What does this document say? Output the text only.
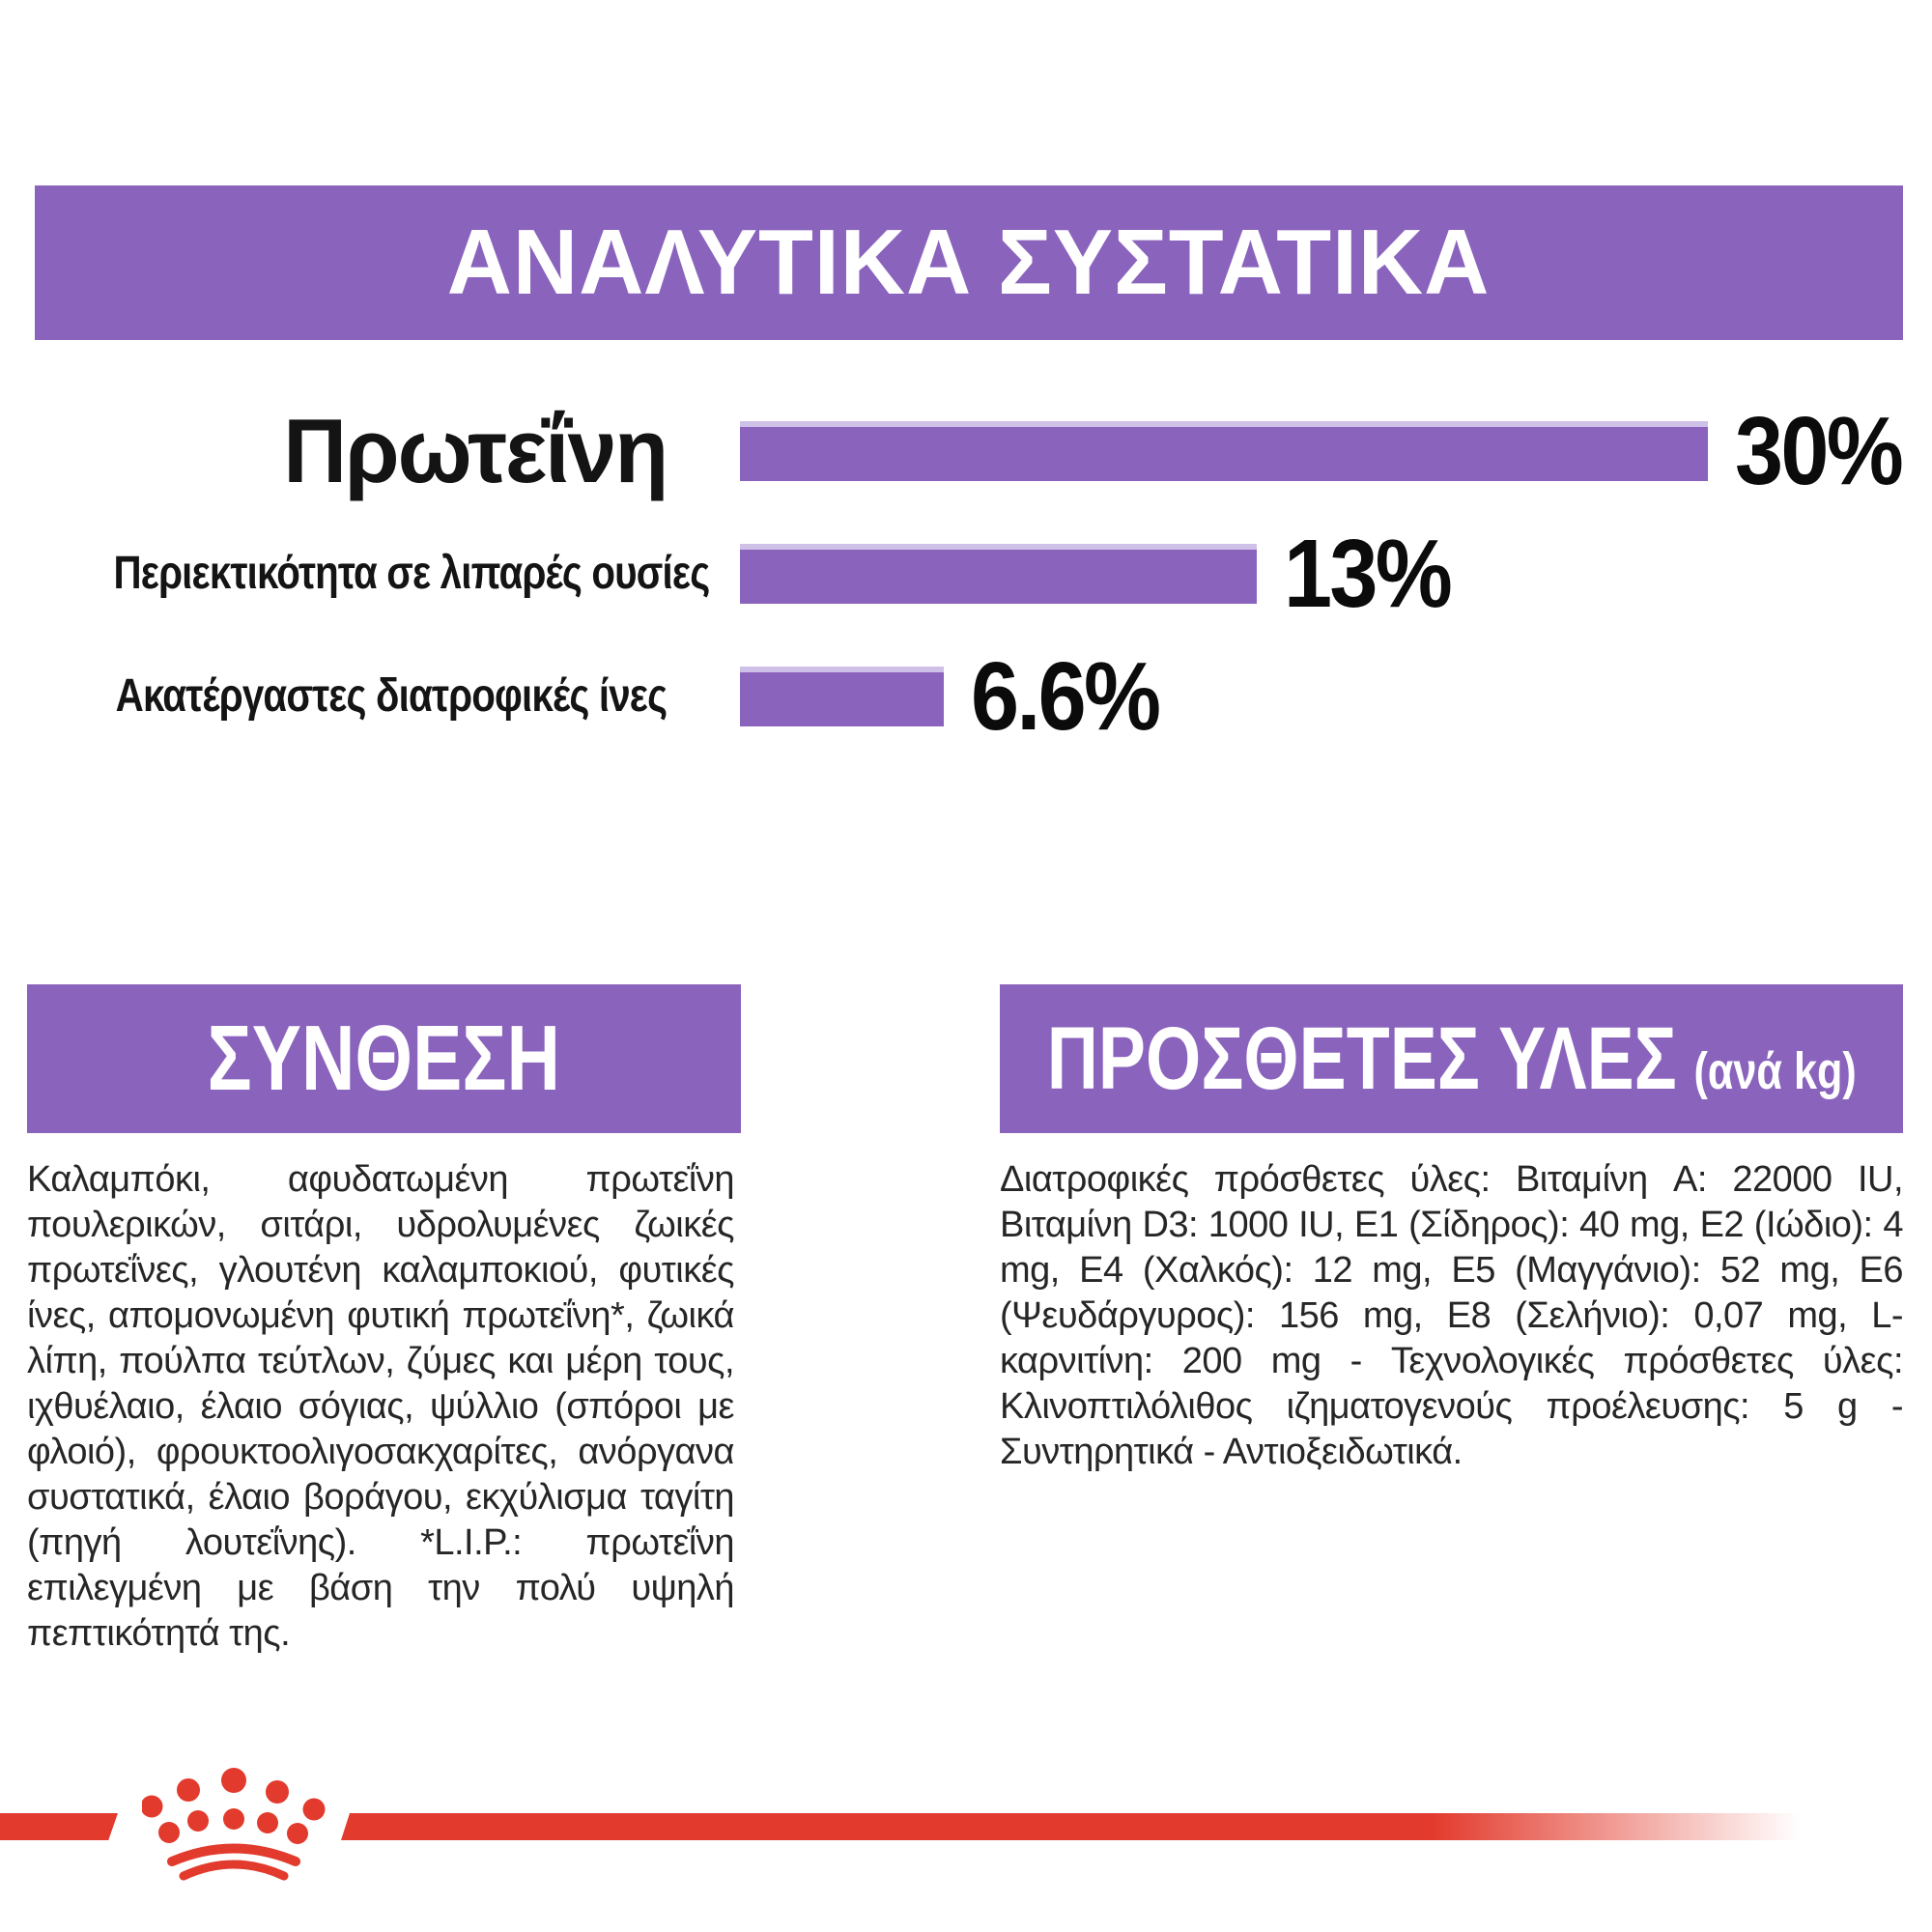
ΑΝΑΛΥΤΙΚΑ ΣΥΣΤΑΤΙΚΑ
Πρωτεΐνη	30%
Περιεκτικότητα σε λιπαρές ουσίες	13%
Ακατέργαστες διατροφικές ίνες	6.6%
ΣΥΝΘΕΣΗ

Καλαμπόκι, αφυδατωμένη πρωτεΐνη πουλερικών, σιτάρι, υδρολυμένες ζωικές πρωτεΐνες, γλουτένη καλαμποκιού, φυτικές ίνες, απομονωμένη φυτική πρωτεΐνη*, ζωικά λίπη, πούλπα τεύτλων, ζύμες και μέρη τους, ιχθυέλαιο, έλαιο σόγιας, ψύλλιο (σπόροι με φλοιό), φρουκτοολιγοσακχαρίτες, ανόργανα συστατικά, έλαιο βοράγου, εκχύλισμα ταγίτη (πηγή λουτεΐνης). *L.I.P.: πρωτεΐνη επιλεγμένη με βάση την πολύ υψηλή πεπτικότητά της.

ΠΡΟΣΘΕΤΕΣ ΥΛΕΣ (ανά kg)

Διατροφικές πρόσθετες ύλες: Βιταμίνη A: 22000 IU, Βιταμίνη D3: 1000 IU, E1 (Σίδηρος): 40 mg, E2 (Ιώδιο): 4 mg, E4 (Χαλκός): 12 mg, E5 (Μαγγάνιο): 52 mg, E6 (Ψευδάργυρος): 156 mg, E8 (Σελήνιο): 0,07 mg, L-καρνιτίνη: 200 mg - Τεχνολογικές πρόσθετες ύλες: Κλινοπτιλόλιθος ιζηματογενούς προέλευσης: 5 g - Συντηρητικά - Αντιοξειδωτικά.
